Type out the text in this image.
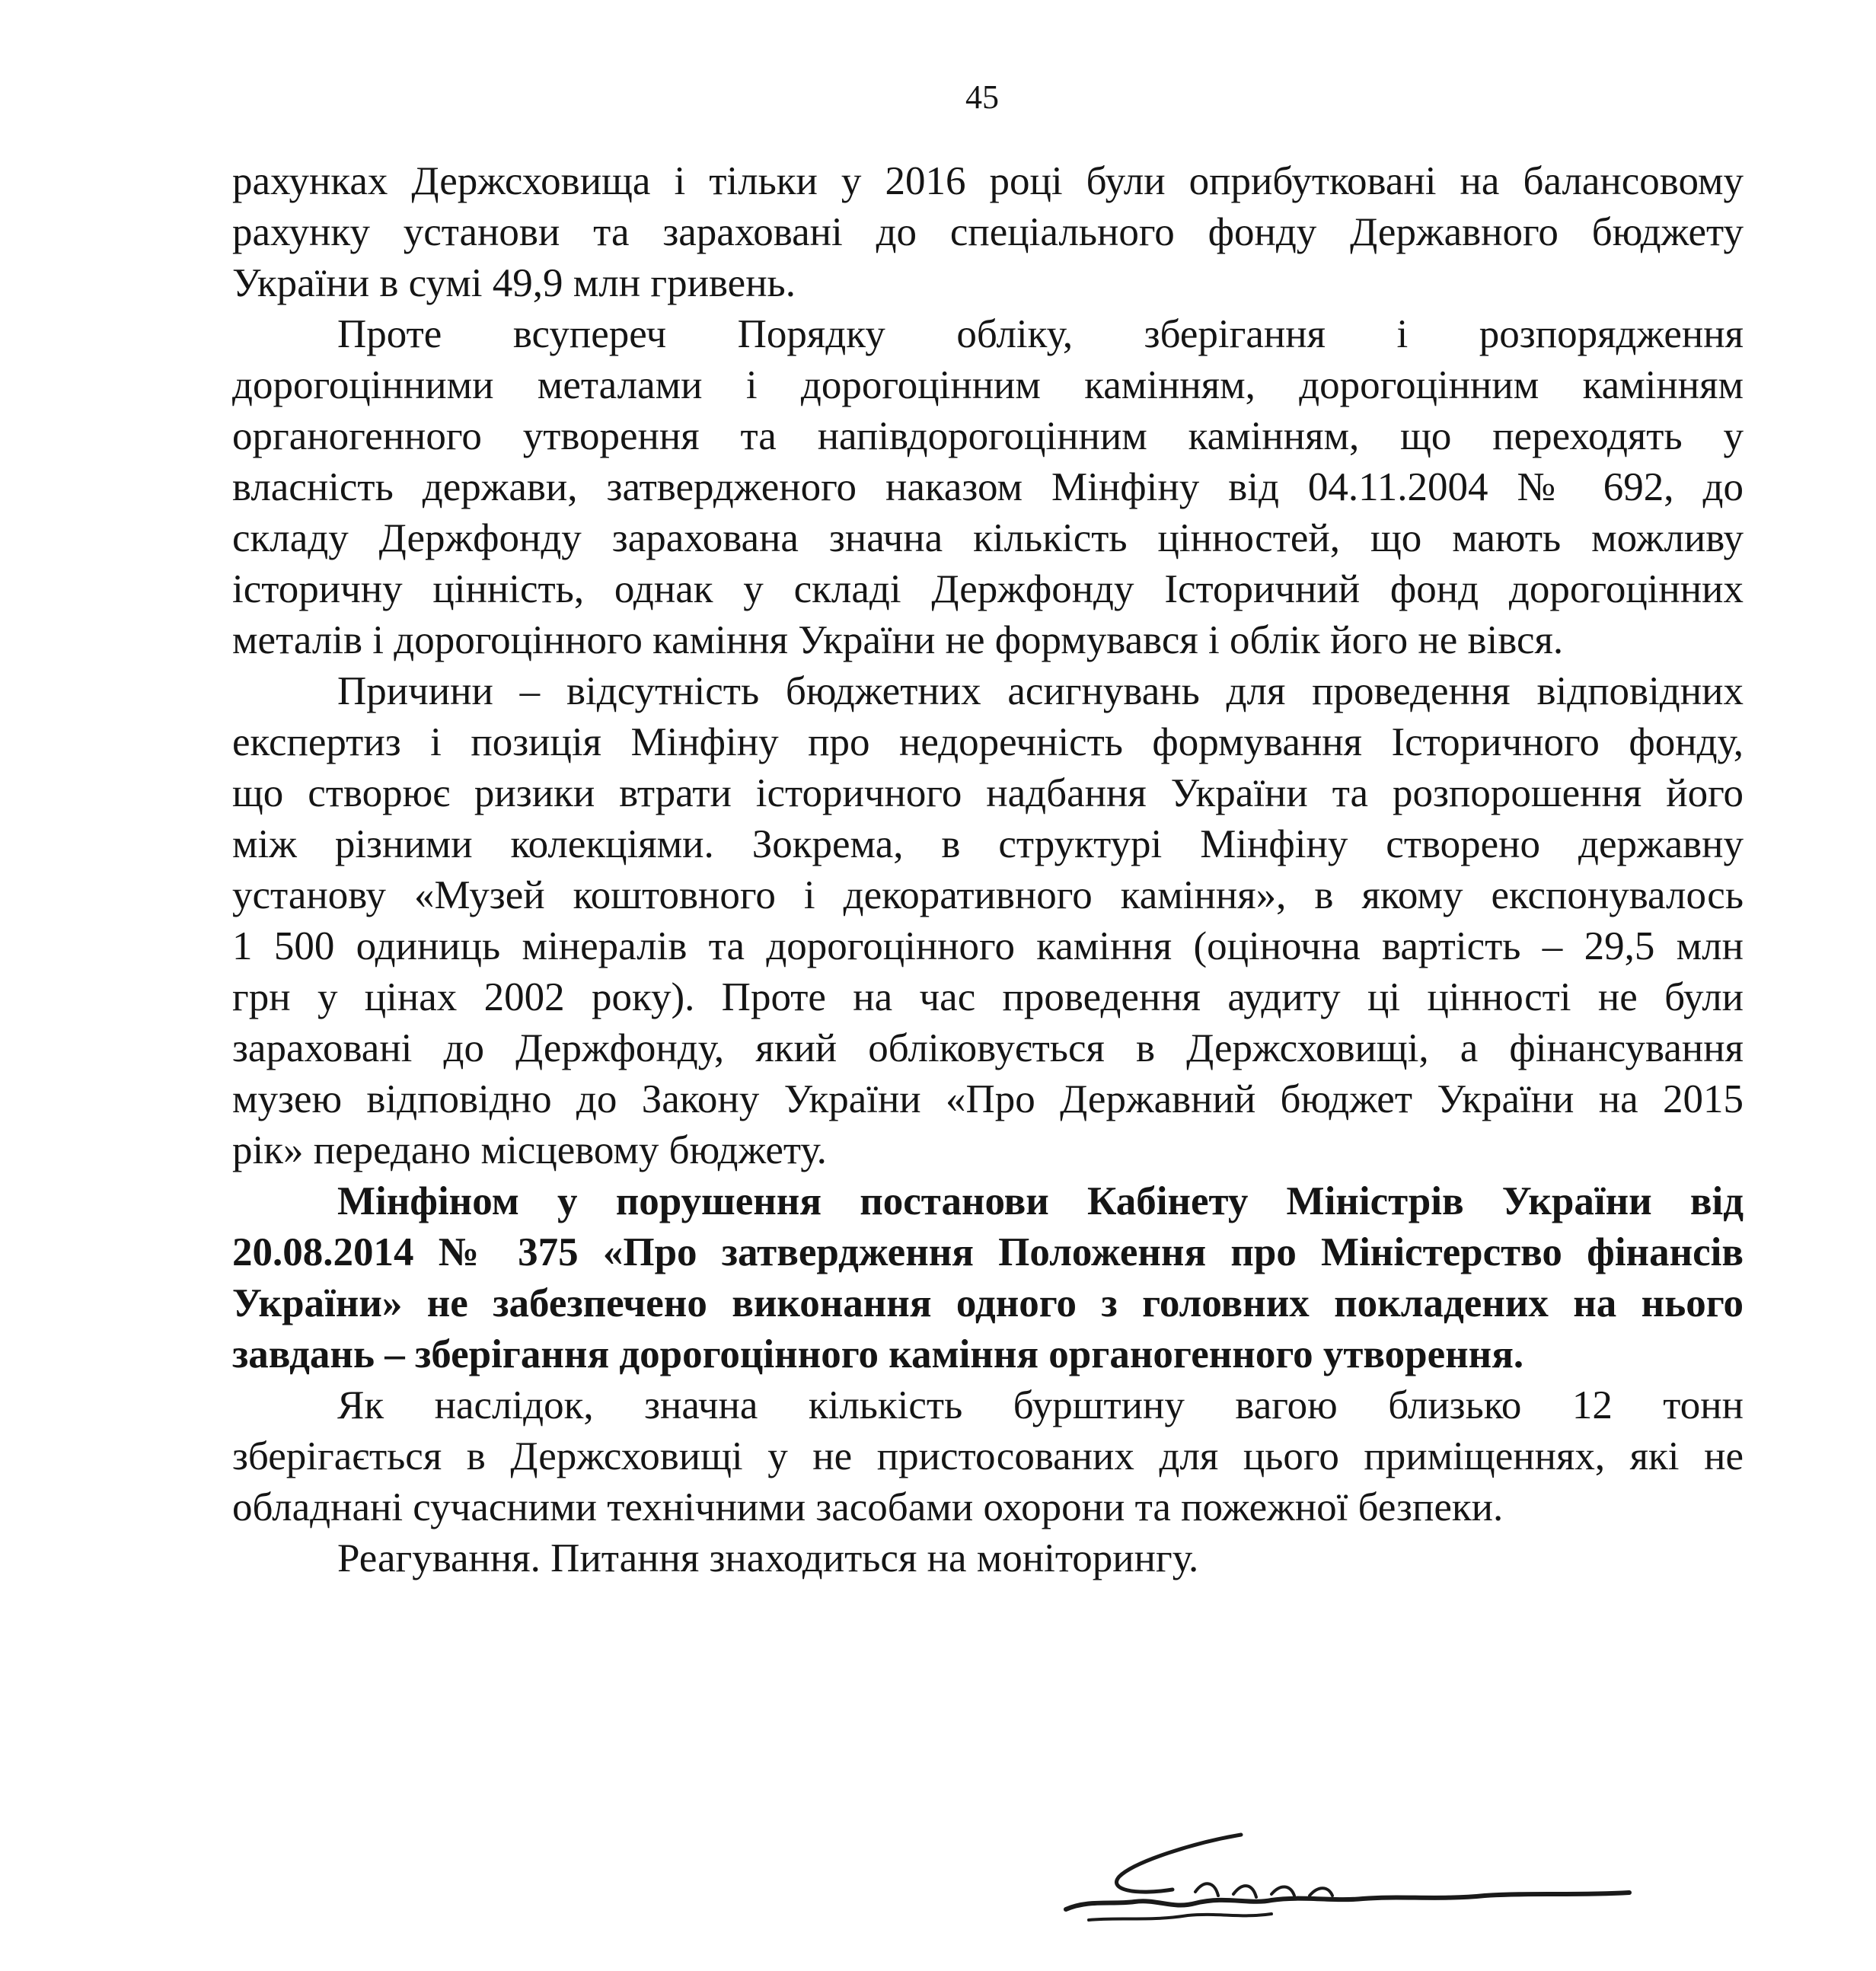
45
рахунках Держсховища і тільки у 2016 році були оприбутковані на балансовому
рахунку установи та зараховані до спеціального фонду Державного бюджету
України в сумі 49,9 млн гривень.
Проте всупереч Порядку обліку, зберігання і розпорядження
дорогоцінними металами і дорогоцінним камінням, дорогоцінним камінням
органогенного утворення та напівдорогоцінним камінням, що переходять у
власність держави, затвердженого наказом Мінфіну від 04.11.2004 № 692, до
складу Держфонду зарахована значна кількість цінностей, що мають можливу
історичну цінність, однак у складі Держфонду Історичний фонд дорогоцінних
металів і дорогоцінного каміння України не формувався і облік його не вівся.
Причини – відсутність бюджетних асигнувань для проведення відповідних
експертиз і позиція Мінфіну про недоречність формування Історичного фонду,
що створює ризики втрати історичного надбання України та розпорошення його
між різними колекціями. Зокрема, в структурі Мінфіну створено державну
установу «Музей коштовного і декоративного каміння», в якому експонувалось
1 500 одиниць мінералів та дорогоцінного каміння (оціночна вартість – 29,5 млн
грн у цінах 2002 року). Проте на час проведення аудиту ці цінності не були
зараховані до Держфонду, який обліковується в Держсховищі, а фінансування
музею відповідно до Закону України «Про Державний бюджет України на 2015
рік» передано місцевому бюджету.
Мінфіном у порушення постанови Кабінету Міністрів України від
20.08.2014 № 375 «Про затвердження Положення про Міністерство фінансів
України» не забезпечено виконання одного з головних покладених на нього
завдань – зберігання дорогоцінного каміння органогенного утворення.
Як наслідок, значна кількість бурштину вагою близько 12 тонн
зберігається в Держсховищі у не пристосованих для цього приміщеннях, які не
обладнані сучасними технічними засобами охорони та пожежної безпеки.
Реагування. Питання знаходиться на моніторингу.
